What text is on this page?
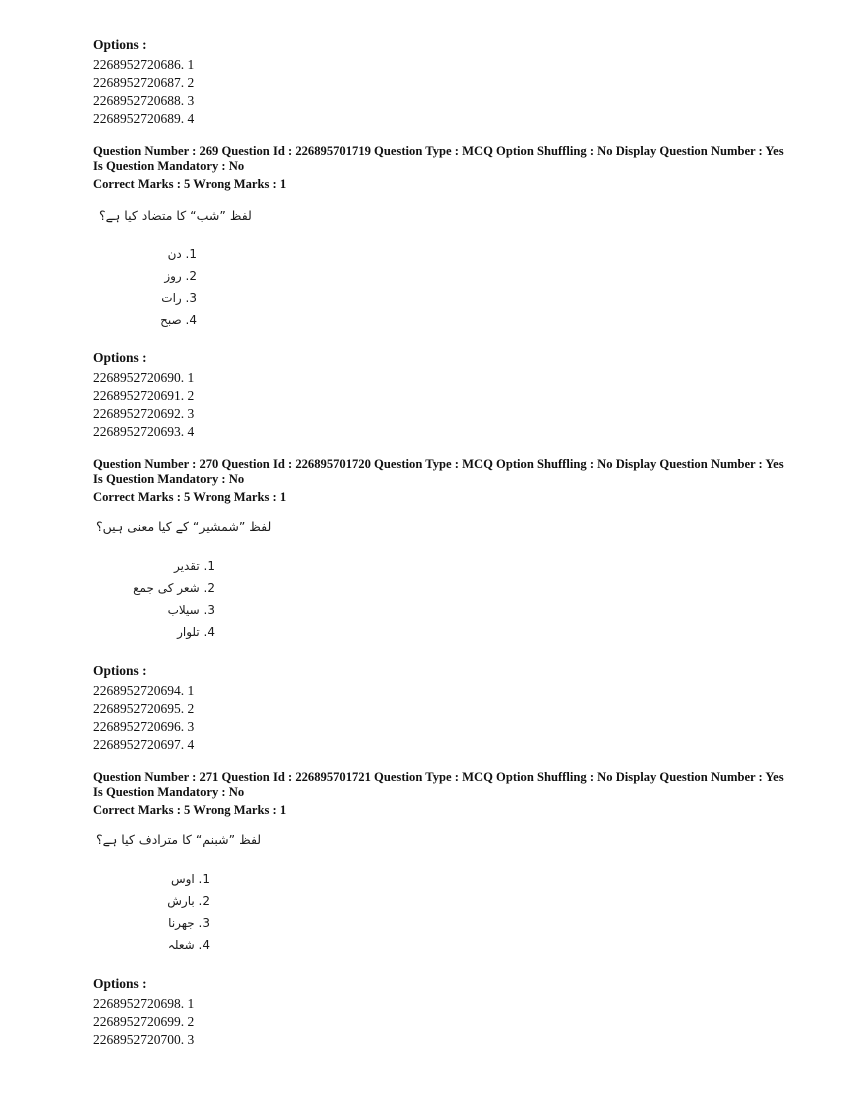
Options :

2268952720686. 1
2268952720687. 2
2268952720688. 3
2268952720689. 4
Question Number : 269 Question Id : 226895701719 Question Type : MCQ Option Shuffling : No Display Question Number : Yes Is Question Mandatory : No
Correct Marks : 5 Wrong Marks : 1
لفظ ”شب“ کا متضاد کیا ہے؟
1. دن
2. روز
3. رات
4. صبح

Options :

2268952720690. 1
2268952720691. 2
2268952720692. 3
2268952720693. 4
Question Number : 270 Question Id : 226895701720 Question Type : MCQ Option Shuffling : No Display Question Number : Yes Is Question Mandatory : No
Correct Marks : 5 Wrong Marks : 1
لفظ ”شمشیر“ کے کیا معنی ہیں؟
1. تقدیر
2. شعر کی جمع
3. سیلاب
4. تلوار

Options :

2268952720694. 1
2268952720695. 2
2268952720696. 3
2268952720697. 4
Question Number : 271 Question Id : 226895701721 Question Type : MCQ Option Shuffling : No Display Question Number : Yes Is Question Mandatory : No
Correct Marks : 5 Wrong Marks : 1
لفظ ”شبنم“ کا مترادف کیا ہے؟
1. اوس
2. بارش
3. جھرنا
4. شعلہ

Options :

2268952720698. 1
2268952720699. 2
2268952720700. 3
